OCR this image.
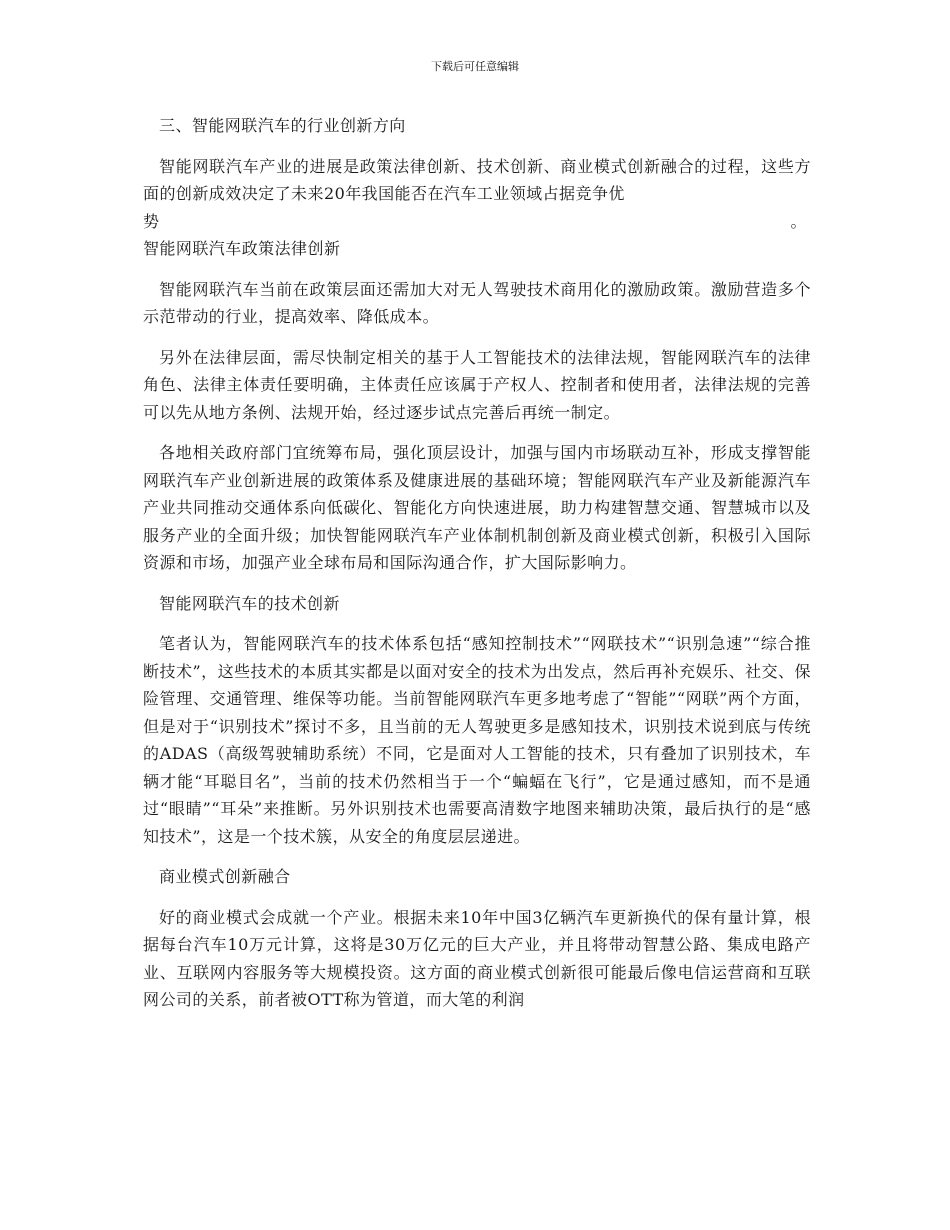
下载后可任意编辑

三、智能网联汽车的行业创新方向

智能网联汽车产业的进展是政策法律创新、技术创新、商业模式创新融合的过程，这些方面的创新成效决定了未来20年我国能否在汽车工业领域占据竞争优

势	。

智能网联汽车政策法律创新

智能网联汽车当前在政策层面还需加大对无人驾驶技术商用化的激励政策。激励营造多个示范带动的行业，提高效率、降低成本。

另外在法律层面，需尽快制定相关的基于人工智能技术的法律法规，智能网联汽车的法律角色、法律主体责任要明确，主体责任应该属于产权人、控制者和使用者，法律法规的完善可以先从地方条例、法规开始，经过逐步试点完善后再统一制定。

各地相关政府部门宜统筹布局，强化顶层设计，加强与国内市场联动互补，形成支撑智能网联汽车产业创新进展的政策体系及健康进展的基础环境；智能网联汽车产业及新能源汽车产业共同推动交通体系向低碳化、智能化方向快速进展，助力构建智慧交通、智慧城市以及服务产业的全面升级；加快智能网联汽车产业体制机制创新及商业模式创新，积极引入国际资源和市场，加强产业全球布局和国际沟通合作，扩大国际影响力。

智能网联汽车的技术创新

笔者认为，智能网联汽车的技术体系包括“感知控制技术”“网联技术”“识别急速”“综合推断技术”，这些技术的本质其实都是以面对安全的技术为出发点，然后再补充娱乐、社交、保险管理、交通管理、维保等功能。当前智能网联汽车更多地考虑了“智能”“网联”两个方面，但是对于“识别技术”探讨不多，且当前的无人驾驶更多是感知技术，识别技术说到底与传统的ADAS（高级驾驶辅助系统）不同，它是面对人工智能的技术，只有叠加了识别技术，车辆才能“耳聪目名”，当前的技术仍然相当于一个“蝙蝠在飞行”，它是通过感知，而不是通过“眼睛”“耳朵”来推断。另外识别技术也需要高清数字地图来辅助决策，最后执行的是“感知技术”，这是一个技术簇，从安全的角度层层递进。

商业模式创新融合

好的商业模式会成就一个产业。根据未来10年中国3亿辆汽车更新换代的保有量计算，根据每台汽车10万元计算，这将是30万亿元的巨大产业，并且将带动智慧公路、集成电路产业、互联网内容服务等大规模投资。这方面的商业模式创新很可能最后像电信运营商和互联网公司的关系，前者被OTT称为管道，而大笔的利润
